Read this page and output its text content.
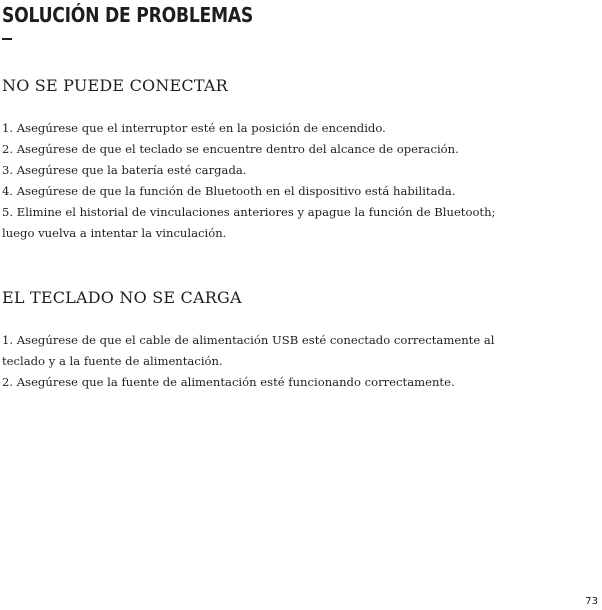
SOLUCIÓN DE PROBLEMAS
NO SE PUEDE CONECTAR
1. Asegúrese que el interruptor esté en la posición de encendido.
2. Asegúrese de que el teclado se encuentre dentro del alcance de operación.
3. Asegúrese que la batería esté cargada.
4. Asegúrese de que la función de Bluetooth en el dispositivo está habilitada.
5. Elimine el historial de vinculaciones anteriores y apague la función de Bluetooth;
luego vuelva a intentar la vinculación.
EL TECLADO NO SE CARGA
1. Asegúrese de que el cable de alimentación USB esté conectado correctamente al
teclado y a la fuente de alimentación.
2. Asegúrese que la fuente de alimentación esté funcionando correctamente.
73
